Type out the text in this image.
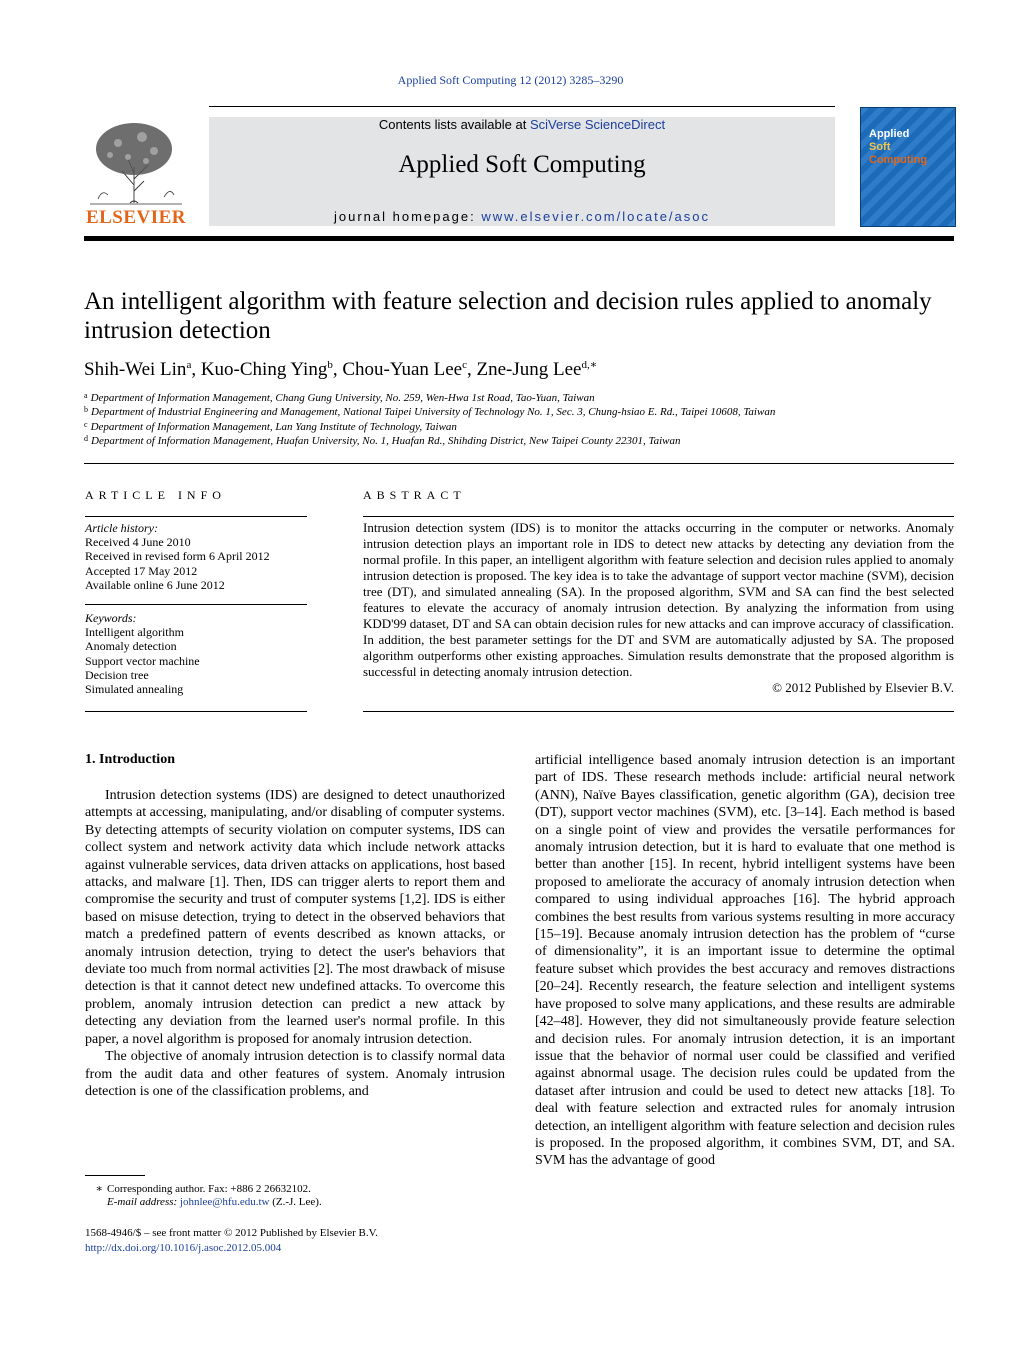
Applied Soft Computing 12 (2012) 3285–3290
ELSEVIER
Contents lists available at SciVerse ScienceDirect
Applied Soft Computing
journal homepage: www.elsevier.com/locate/asoc
Applied
Soft
Computing
An intelligent algorithm with feature selection and decision rules applied to anomaly intrusion detection
Shih-Wei Lin$^a$, Kuo-Ching Ying$^b$, Chou-Yuan Lee$^c$, Zne-Jung Lee$^{d,∗}$
$^a$ Department of Information Management, Chang Gung University, No. 259, Wen-Hwa 1st Road, Tao-Yuan, Taiwan
$^b$ Department of Industrial Engineering and Management, National Taipei University of Technology No. 1, Sec. 3, Chung-hsiao E. Rd., Taipei 10608, Taiwan
$^c$ Department of Information Management, Lan Yang Institute of Technology, Taiwan
$^d$ Department of Information Management, Huafan University, No. 1, Huafan Rd., Shihding District, New Taipei County 22301, Taiwan
ARTICLE INFO	ABSTRACT
Article history:
Received 4 June 2010
Received in revised form 6 April 2012
Accepted 17 May 2012
Available online 6 June 2012
Keywords:
Intelligent algorithm
Anomaly detection
Support vector machine
Decision tree
Simulated annealing
Intrusion detection system (IDS) is to monitor the attacks occurring in the computer or networks. Anomaly intrusion detection plays an important role in IDS to detect new attacks by detecting any deviation from the normal profile. In this paper, an intelligent algorithm with feature selection and decision rules applied to anomaly intrusion detection is proposed. The key idea is to take the advantage of support vector machine (SVM), decision tree (DT), and simulated annealing (SA). In the proposed algorithm, SVM and SA can find the best selected features to elevate the accuracy of anomaly intrusion detection. By analyzing the information from using KDD'99 dataset, DT and SA can obtain decision rules for new attacks and can improve accuracy of classification. In addition, the best parameter settings for the DT and SVM are automatically adjusted by SA. The proposed algorithm outperforms other existing approaches. Simulation results demonstrate that the proposed algorithm is successful in detecting anomaly intrusion detection.
© 2012 Published by Elsevier B.V.
1. Introduction

Intrusion detection systems (IDS) are designed to detect unauthorized attempts at accessing, manipulating, and/or disabling of computer systems. By detecting attempts of security violation on computer systems, IDS can collect system and network activity data which include network attacks against vulnerable services, data driven attacks on applications, host based attacks, and malware [1]. Then, IDS can trigger alerts to report them and compromise the security and trust of computer systems [1,2]. IDS is either based on misuse detection, trying to detect in the observed behaviors that match a predefined pattern of events described as known attacks, or anomaly intrusion detection, trying to detect the user's behaviors that deviate too much from normal activities [2]. The most drawback of misuse detection is that it cannot detect new undefined attacks. To overcome this problem, anomaly intrusion detection can predict a new attack by detecting any deviation from the learned user's normal profile. In this paper, a novel algorithm is proposed for anomaly intrusion detection.

The objective of anomaly intrusion detection is to classify normal data from the audit data and other features of system. Anomaly intrusion detection is one of the classification problems, and

artificial intelligence based anomaly intrusion detection is an important part of IDS. These research methods include: artificial neural network (ANN), Naïve Bayes classification, genetic algorithm (GA), decision tree (DT), support vector machines (SVM), etc. [3–14]. Each method is based on a single point of view and provides the versatile performances for anomaly intrusion detection, but it is hard to evaluate that one method is better than another [15]. In recent, hybrid intelligent systems have been proposed to ameliorate the accuracy of anomaly intrusion detection when compared to using individual approaches [16]. The hybrid approach combines the best results from various systems resulting in more accuracy [15–19]. Because anomaly intrusion detection has the problem of “curse of dimensionality”, it is an important issue to determine the optimal feature subset which provides the best accuracy and removes distractions [20–24]. Recently research, the feature selection and intelligent systems have proposed to solve many applications, and these results are admirable [42–48]. However, they did not simultaneously provide feature selection and decision rules. For anomaly intrusion detection, it is an important issue that the behavior of normal user could be classified and verified against abnormal usage. The decision rules could be updated from the dataset after intrusion and could be used to detect new attacks [18]. To deal with feature selection and extracted rules for anomaly intrusion detection, an intelligent algorithm with feature selection and decision rules is proposed. In the proposed algorithm, it combines SVM, DT, and SA. SVM has the advantage of good

∗ Corresponding author. Fax: +886 2 26632102.
E-mail address: johnlee@hfu.edu.tw (Z.-J. Lee).
1568-4946/$ – see front matter © 2012 Published by Elsevier B.V.
http://dx.doi.org/10.1016/j.asoc.2012.05.004
